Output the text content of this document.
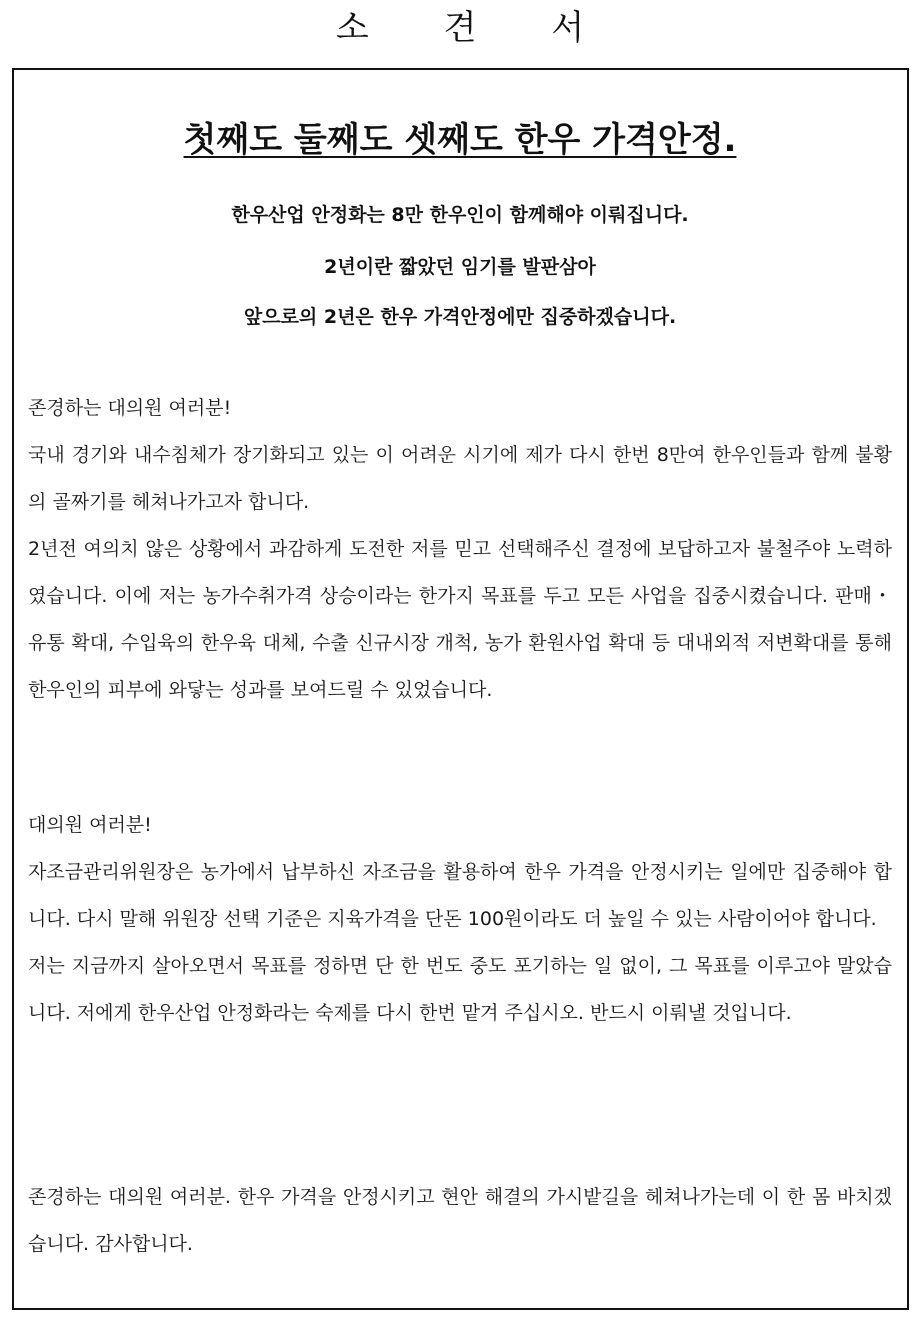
소 견 서
첫째도 둘째도 셋째도 한우 가격안정.
한우산업 안정화는 8만 한우인이 함께해야 이뤄집니다.
2년이란 짧았던 임기를 발판삼아
앞으로의 2년은 한우 가격안정에만 집중하겠습니다.

존경하는 대의원 여러분!

국내 경기와 내수침체가 장기화되고 있는 이 어려운 시기에 제가 다시 한번 8만여 한우인들과 함께 불황의 골짜기를 헤쳐나가고자 합니다.

2년전 여의치 않은 상황에서 과감하게 도전한 저를 믿고 선택해주신 결정에 보답하고자 불철주야 노력하였습니다. 이에 저는 농가수취가격 상승이라는 한가지 목표를 두고 모든 사업을 집중시켰습니다. 판매・유통 확대, 수입육의 한우육 대체, 수출 신규시장 개척, 농가 환원사업 확대 등 대내외적 저변확대를 통해 한우인의 피부에 와닿는 성과를 보여드릴 수 있었습니다.

대의원 여러분!

자조금관리위원장은 농가에서 납부하신 자조금을 활용하여 한우 가격을 안정시키는 일에만 집중해야 합니다. 다시 말해 위원장 선택 기준은 지육가격을 단돈 100원이라도 더 높일 수 있는 사람이어야 합니다.

저는 지금까지 살아오면서 목표를 정하면 단 한 번도 중도 포기하는 일 없이, 그 목표를 이루고야 말았습니다. 저에게 한우산업 안정화라는 숙제를 다시 한번 맡겨 주십시오. 반드시 이뤄낼 것입니다.

존경하는 대의원 여러분. 한우 가격을 안정시키고 현안 해결의 가시밭길을 헤쳐나가는데 이 한 몸 바치겠습니다. 감사합니다.
